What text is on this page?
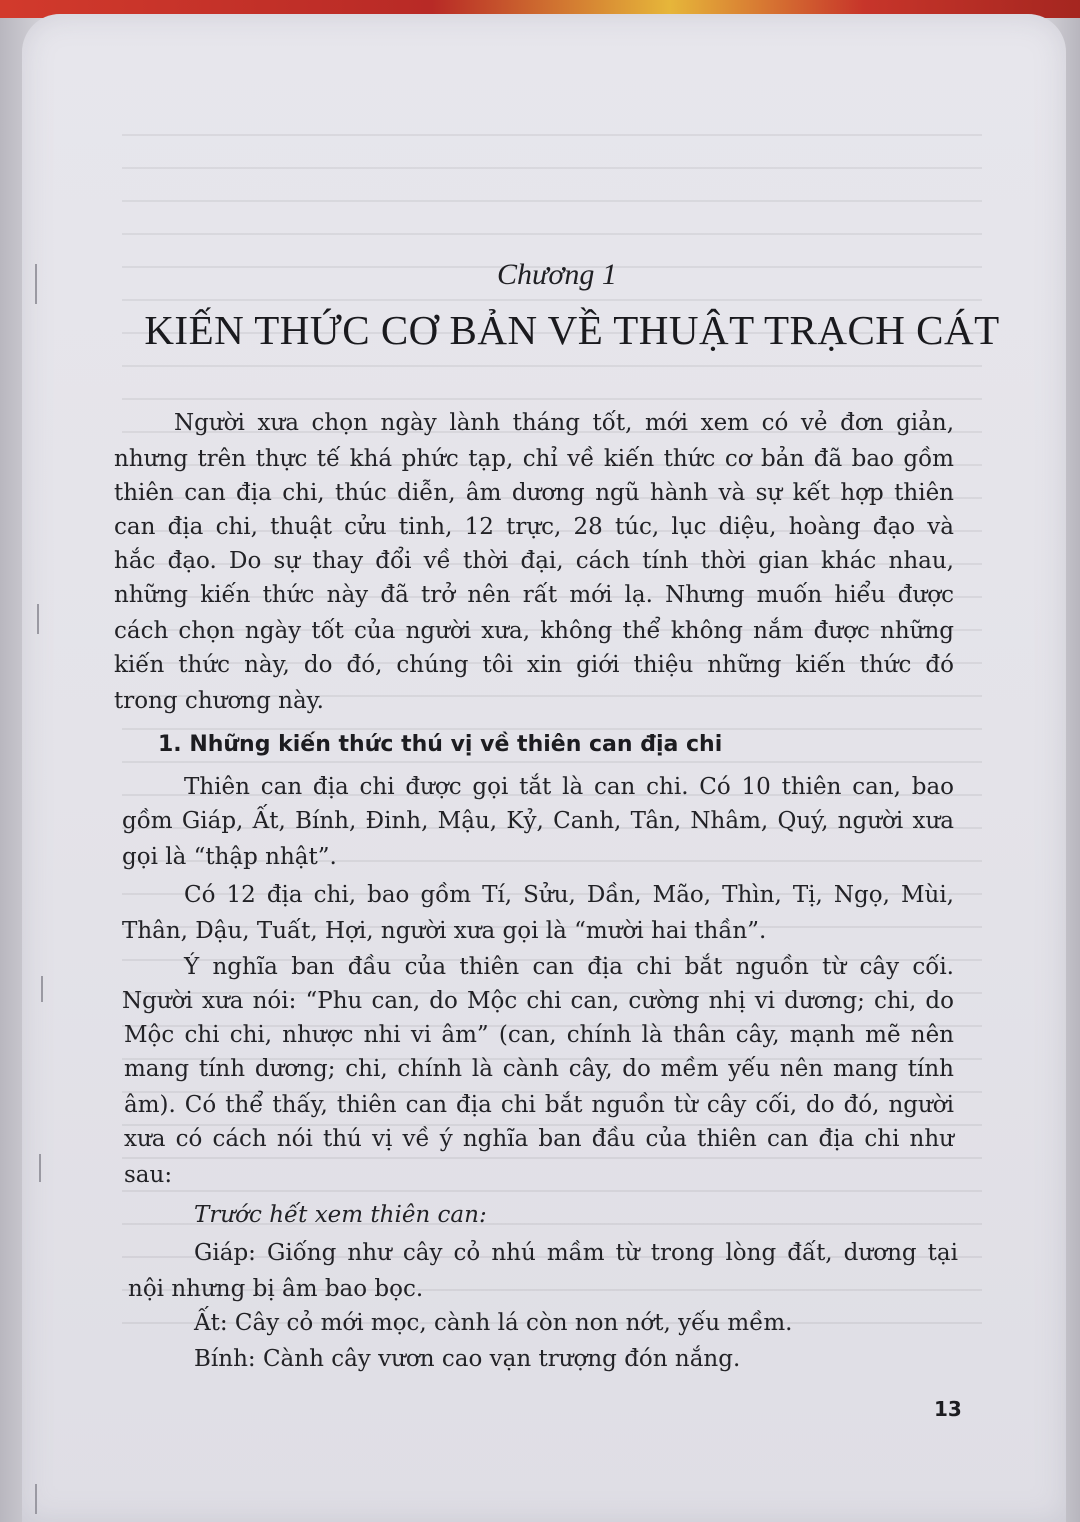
Chương 1
KIẾN THỨC CƠ BẢN VỀ THUẬT TRẠCH CÁT
Người xưa chọn ngày lành tháng tốt, mới xem có vẻ đơn giản,
nhưng trên thực tế khá phức tạp, chỉ về kiến thức cơ bản đã bao gồm
thiên can địa chi, thúc diễn, âm dương ngũ hành và sự kết hợp thiên
can địa chi, thuật cửu tinh, 12 trực, 28 túc, lục diệu, hoàng đạo và
hắc đạo. Do sự thay đổi về thời đại, cách tính thời gian khác nhau,
những kiến thức này đã trở nên rất mới lạ. Nhưng muốn hiểu được
cách chọn ngày tốt của người xưa, không thể không nắm được những
kiến thức này, do đó, chúng tôi xin giới thiệu những kiến thức đó
trong chương này.
1. Những kiến thức thú vị về thiên can địa chi
Thiên can địa chi được gọi tắt là can chi. Có 10 thiên can, bao
gồm Giáp, Ất, Bính, Đinh, Mậu, Kỷ, Canh, Tân, Nhâm, Quý, người xưa
gọi là “thập nhật”.
Có 12 địa chi, bao gồm Tí, Sửu, Dần, Mão, Thìn, Tị, Ngọ, Mùi,
Thân, Dậu, Tuất, Hợi, người xưa gọi là “mười hai thần”.
Ý nghĩa ban đầu của thiên can địa chi bắt nguồn từ cây cối.
Người xưa nói: “Phu can, do Mộc chi can, cường nhị vi dương; chi, do
Mộc chi chi, nhược nhi vi âm” (can, chính là thân cây, mạnh mẽ nên
mang tính dương; chi, chính là cành cây, do mềm yếu nên mang tính
âm). Có thể thấy, thiên can địa chi bắt nguồn từ cây cối, do đó, người
xưa có cách nói thú vị về ý nghĩa ban đầu của thiên can địa chi như
sau:
Trước hết xem thiên can:
Giáp: Giống như cây cỏ nhú mầm từ trong lòng đất, dương tại
nội nhưng bị âm bao bọc.
Ất: Cây cỏ mới mọc, cành lá còn non nớt, yếu mềm.
Bính: Cành cây vươn cao vạn trượng đón nắng.
13
